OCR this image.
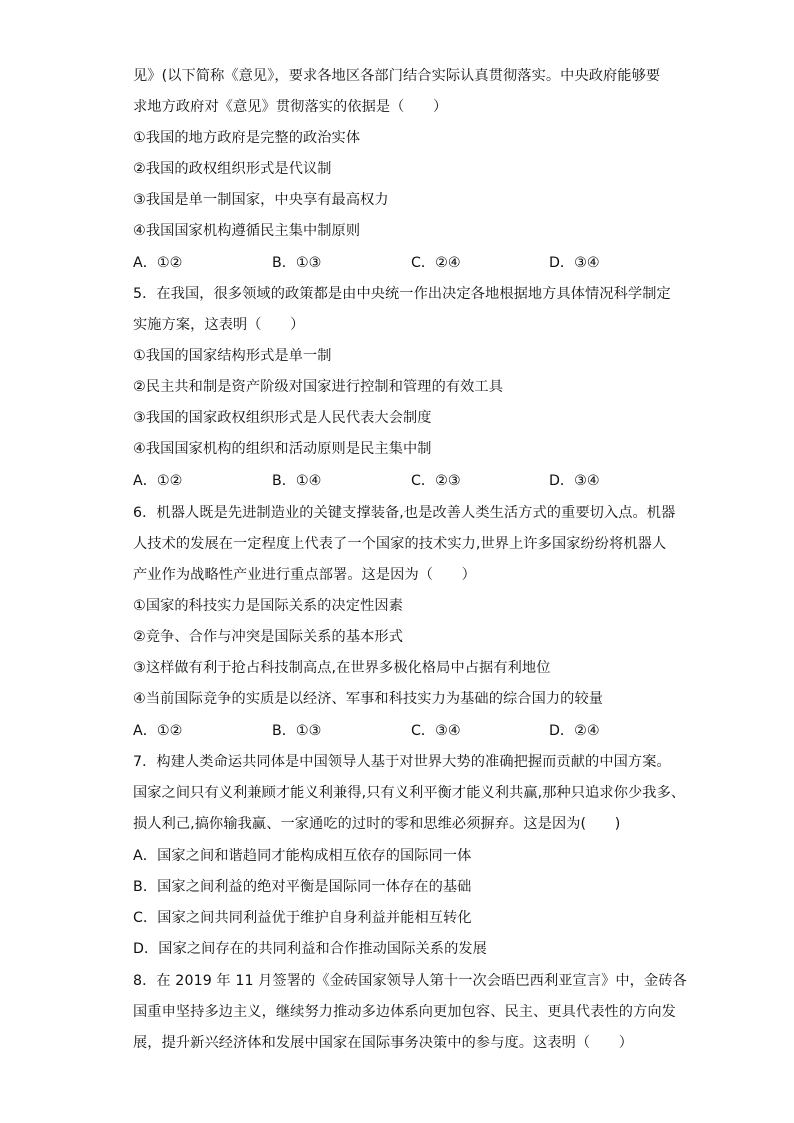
见》(以下简称《意见》，要求各地区各部门结合实际认真贯彻落实。中央政府能够要
求地方政府对《意见》贯彻落实的依据是（　　）
①我国的地方政府是完整的政治实体
②我国的政权组织形式是代议制
③我国是单一制国家，中央享有最高权力
④我国国家机构遵循民主集中制原则
A．①②	B．①③	C．②④	D．③④
5．在我国，很多领域的政策都是由中央统一作出决定各地根据地方具体情况科学制定
实施方案，这表明（　　）
①我国的国家结构形式是单一制
②民主共和制是资产阶级对国家进行控制和管理的有效工具
③我国的国家政权组织形式是人民代表大会制度
④我国国家机构的组织和活动原则是民主集中制
A．①②	B．①④	C．②③	D．③④
6．机器人既是先进制造业的关键支撑装备,也是改善人类生活方式的重要切入点。机器
人技术的发展在一定程度上代表了一个国家的技术实力,世界上许多国家纷纷将机器人
产业作为战略性产业进行重点部署。这是因为（　　）
①国家的科技实力是国际关系的决定性因素
②竞争、合作与冲突是国际关系的基本形式
③这样做有利于抢占科技制高点,在世界多极化格局中占据有利地位
④当前国际竞争的实质是以经济、军事和科技实力为基础的综合国力的较量
A．①②	B．①③	C．③④	D．②④
7．构建人类命运共同体是中国领导人基于对世界大势的准确把握而贡献的中国方案。
国家之间只有义利兼顾才能义利兼得,只有义利平衡才能义利共赢,那种只追求你少我多、
损人利己,搞你输我赢、一家通吃的过时的零和思维必须摒弃。这是因为(　　)
A．国家之间和谐趋同才能构成相互依存的国际同一体
B．国家之间利益的绝对平衡是国际同一体存在的基础
C．国家之间共同利益优于维护自身利益并能相互转化
D．国家之间存在的共同利益和合作推动国际关系的发展
8．在 2019 年 11 月签署的《金砖国家领导人第十一次会晤巴西利亚宣言》中，金砖各
国重申坚持多边主义，继续努力推动多边体系向更加包容、民主、更具代表性的方向发
展，提升新兴经济体和发展中国家在国际事务决策中的参与度。这表明（　　）
